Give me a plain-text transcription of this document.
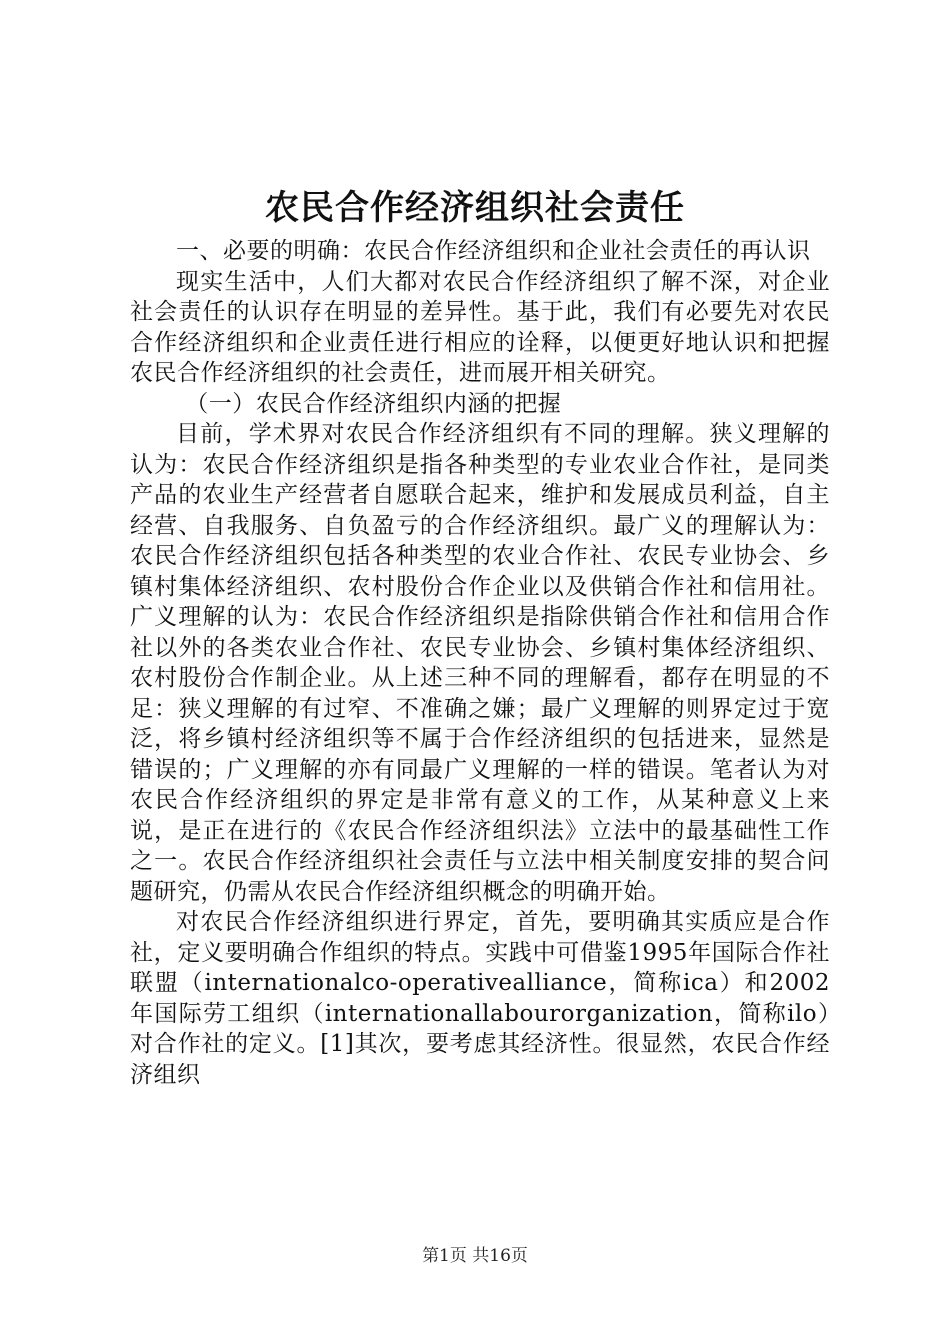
农民合作经济组织社会责任

一、必要的明确：农民合作经济组织和企业社会责任的再认识

现实生活中，人们大都对农民合作经济组织了解不深，对企业社会责任的认识存在明显的差异性。基于此，我们有必要先对农民合作经济组织和企业责任进行相应的诠释，以便更好地认识和把握农民合作经济组织的社会责任，进而展开相关研究。

（一）农民合作经济组织内涵的把握

目前，学术界对农民合作经济组织有不同的理解。狭义理解的认为：农民合作经济组织是指各种类型的专业农业合作社，是同类产品的农业生产经营者自愿联合起来，维护和发展成员利益，自主经营、自我服务、自负盈亏的合作经济组织。最广义的理解认为：农民合作经济组织包括各种类型的农业合作社、农民专业协会、乡镇村集体经济组织、农村股份合作企业以及供销合作社和信用社。广义理解的认为：农民合作经济组织是指除供销合作社和信用合作社以外的各类农业合作社、农民专业协会、乡镇村集体经济组织、农村股份合作制企业。从上述三种不同的理解看，都存在明显的不足：狭义理解的有过窄、不准确之嫌；最广义理解的则界定过于宽泛，将乡镇村经济组织等不属于合作经济组织的包括进来，显然是错误的；广义理解的亦有同最广义理解的一样的错误。笔者认为对农民合作经济组织的界定是非常有意义的工作，从某种意义上来说，是正在进行的《农民合作经济组织法》立法中的最基础性工作之一。农民合作经济组织社会责任与立法中相关制度安排的契合问题研究，仍需从农民合作经济组织概念的明确开始。

对农民合作经济组织进行界定，首先，要明确其实质应是合作社，定义要明确合作组织的特点。实践中可借鉴1995年国际合作社联盟（internationalco-operativealliance，简称ica）和2002年国际劳工组织（internationallabourorganization，简称ilo）对合作社的定义。[1]其次，要考虑其经济性。很显然，农民合作经济组织

第1页 共16页
